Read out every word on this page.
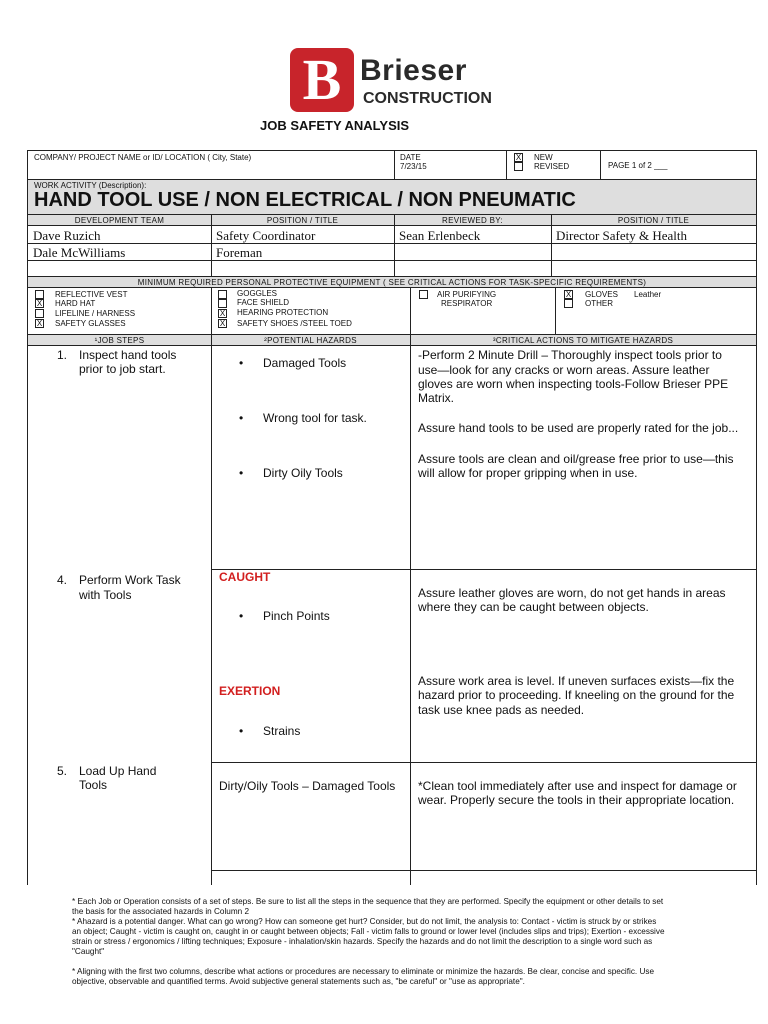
B Brieser
CONSTRUCTION
JOB SAFETY ANALYSIS
COMPANY/ PROJECT NAME or ID/ LOCATION ( City, State)	DATE
7/23/15
X NEW
REVISED	PAGE 1 of 2 ___
WORK ACTIVITY (Description):
HAND TOOL USE / NON ELECTRICAL / NON PNEUMATIC
DEVELOPMENT TEAM	POSITION / TITLE	REVIEWED BY:	POSITION / TITLE
Dave Ruzich	Safety Coordinator	Sean Erlenbeck	Director Safety & Health
Dale McWilliams	Foreman
MINIMUM REQUIRED PERSONAL PROTECTIVE EQUIPMENT ( SEE CRITICAL ACTIONS FOR TASK-SPECIFIC REQUIREMENTS)
REFLECTIVE VEST
X HARD HAT
LIFELINE / HARNESS
X SAFETY GLASSES
GOGGLES
FACE SHIELD
X HEARING PROTECTION
X SAFETY SHOES /STEEL TOED
AIR PURIFYING
RESPIRATOR
X GLOVES Leather
OTHER
¹JOB STEPS	²POTENTIAL HAZARDS	³CRITICAL ACTIONS TO MITIGATE HAZARDS
1. Inspect hand tools
prior to job start.
•	Damaged Tools
• Wrong tool for task.
• Dirty Oily Tools
-Perform 2 Minute Drill – Thoroughly inspect tools prior to
use—look for any cracks or worn areas. Assure leather
gloves are worn when inspecting tools-Follow Brieser PPE
Matrix.
Assure hand tools to be used are properly rated for the job...
Assure tools are clean and oil/grease free prior to use—this
will allow for proper gripping when in use.
4. Perform Work Task
with Tools
CAUGHT
• Pinch Points
EXERTION
• Strains
Assure leather gloves are worn, do not get hands in areas
where they can be caught between objects.
Assure work area is level. If uneven surfaces exists—fix the
hazard prior to proceeding. If kneeling on the ground for the
task use knee pads as needed.
5. Load Up Hand
Tools	Dirty/Oily Tools – Damaged Tools *Clean tool immediately after use and inspect for damage or
wear. Properly secure the tools in their appropriate location.
* Each Job or Operation consists of a set of steps. Be sure to list all the steps in the sequence that they are performed. Specify the equipment or other details to set
the basis for the associated hazards in Column 2
* Ahazard is a potential danger. What can go wrong? How can someone get hurt? Consider, but do not limit, the analysis to: Contact - victim is struck by or strikes
an object; Caught - victim is caught on, caught in or caught between objects; Fall - victim falls to ground or lower level (includes slips and trips); Exertion - excessive
strain or stress / ergonomics / lifting techniques; Exposure - inhalation/skin hazards. Specify the hazards and do not limit the description to a single word such as
"Caught"
* Aligning with the first two columns, describe what actions or procedures are necessary to eliminate or minimize the hazards. Be clear, concise and specific. Use
objective, observable and quantified terms. Avoid subjective general statements such as, "be careful" or "use as appropriate".
